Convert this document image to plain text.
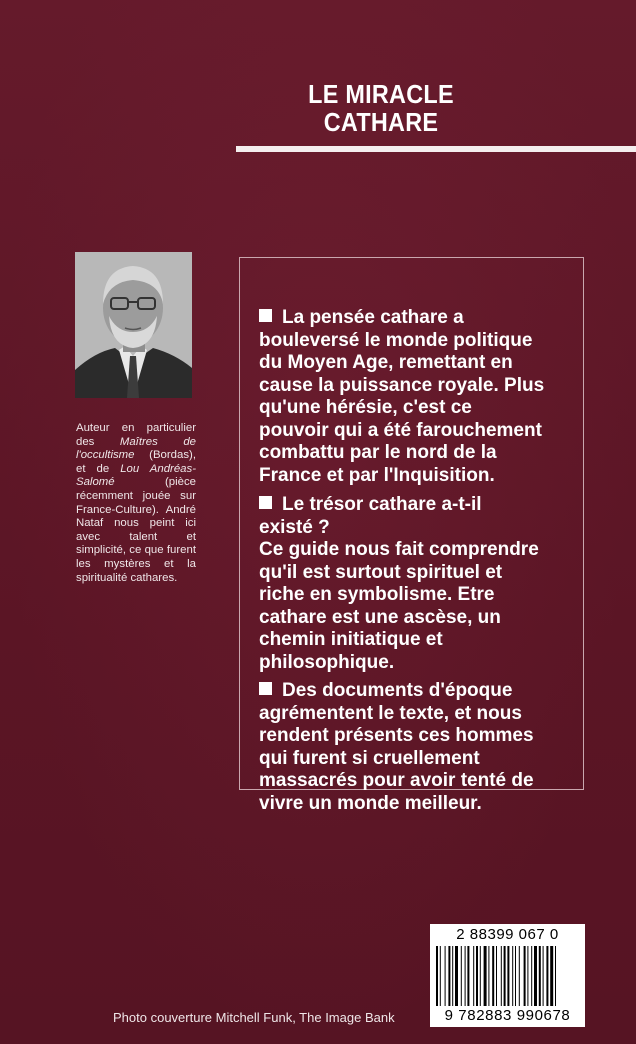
LE MIRACLE
CATHARE
Auteur en particulier des Maîtres de l'occultisme (Bordas), et de Lou Andréas-Salomé (pièce récemment jouée sur France-Culture). André Nataf nous peint ici avec talent et simplicité, ce que furent les mystères et la spiritualité cathares.
La pensée cathare a
bouleversé le monde politique
du Moyen Age, remettant en
cause la puissance royale. Plus
qu'une hérésie, c'est ce
pouvoir qui a été farouchement
combattu par le nord de la
France et par l'Inquisition.
Le trésor cathare a-t-il
existé ?
Ce guide nous fait comprendre
qu'il est surtout spirituel et
riche en symbolisme. Etre
cathare est une ascèse, un
chemin initiatique et
philosophique.
Des documents d'époque
agrémentent le texte, et nous
rendent présents ces hommes
qui furent si cruellement
massacrés pour avoir tenté de
vivre un monde meilleur.
2 88399 067 0
9 782883 990678
Photo couverture Mitchell Funk, The Image Bank
